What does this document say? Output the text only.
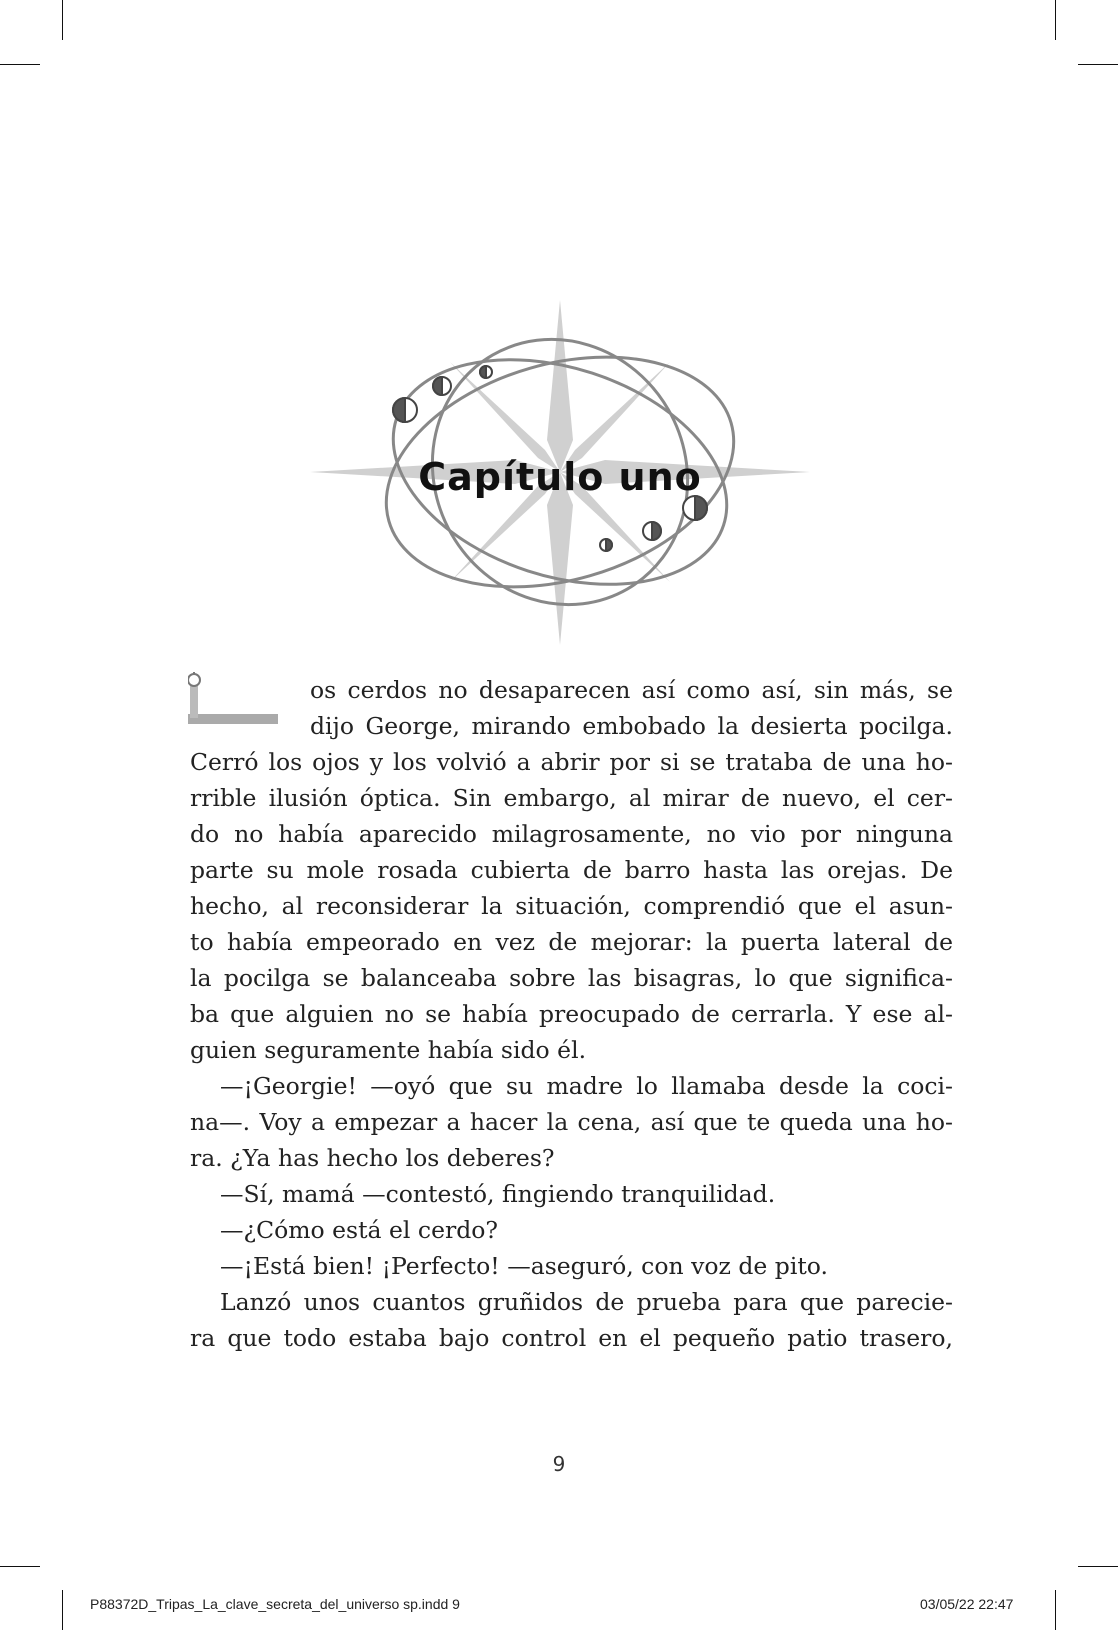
Capítulo uno
L	os cerdos no desaparecen así como así, sin más, se
dijo George, mirando embobado la desierta pocilga.
Cerró los ojos y los volvió a abrir por si se trataba de una ho-
rrible ilusión óptica. Sin embargo, al mirar de nuevo, el cer-
do no había aparecido milagrosamente, no vio por ninguna
parte su mole rosada cubierta de barro hasta las orejas. De
hecho, al reconsiderar la situación, comprendió que el asun-
to había empeorado en vez de mejorar: la puerta lateral de
la pocilga se balanceaba sobre las bisagras, lo que significa-
ba que alguien no se había preocupado de cerrarla. Y ese al-
guien seguramente había sido él.
—¡Georgie! —oyó que su madre lo llamaba desde la coci-
na—. Voy a empezar a hacer la cena, así que te queda una ho-
ra. ¿Ya has hecho los deberes?
—Sí, mamá —contestó, fingiendo tranquilidad.
—¿Cómo está el cerdo?
—¡Está bien! ¡Perfecto! —aseguró, con voz de pito.
Lanzó unos cuantos gruñidos de prueba para que parecie-
ra que todo estaba bajo control en el pequeño patio trasero,
9
P88372D_Tripas_La_clave_secreta_del_universo sp.indd 9	03/05/22 22:47
